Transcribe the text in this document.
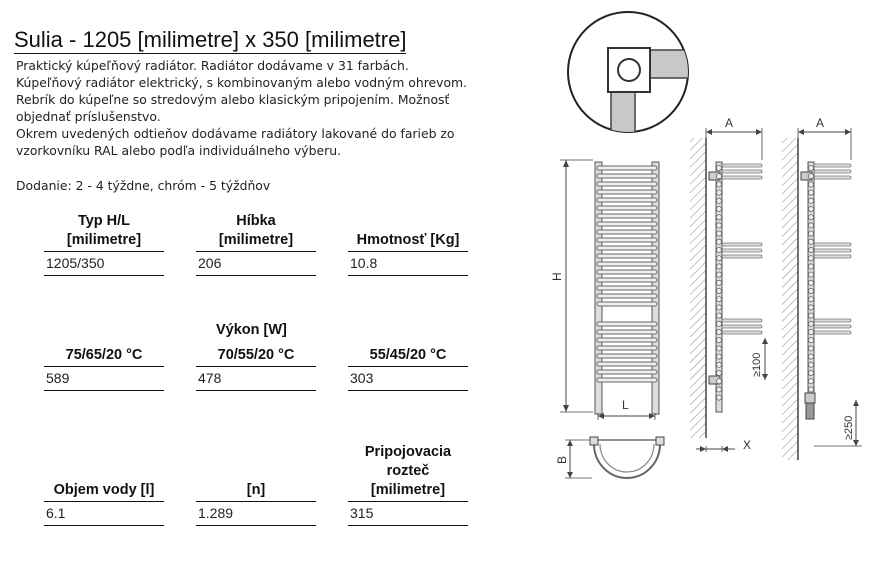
Sulia - 1205 [milimetre] x 350 [milimetre]

Praktický kúpeľňový radiátor. Radiátor dodávame v 31 farbách.

Kúpeľňový radiátor elektrický, s kombinovaným alebo vodným ohrevom. Rebrík do kúpeľne so stredovým alebo klasickým pripojením. Možnosť objednať príslušenstvo.

Okrem uvedených odtieňov dodávame radiátory lakované do farieb zo vzorkovníku RAL alebo podľa individuálneho výberu.

Dodanie: 2 - 4 týždne, chróm - 5 týždňov
Typ H/L
[milimetre]
1205/350
Híbka
[milimetre]
206
Hmotnosť [Kg]
10.8
Výkon [W]
75/65/20 °C
589
70/55/20 °C
478
55/45/20 °C
303
Objem vody [l]
6.1
[n]
1.289
Pripojovacia
rozteč
[milimetre]
315
H
L
B
A
≥100
X
A
≥250
